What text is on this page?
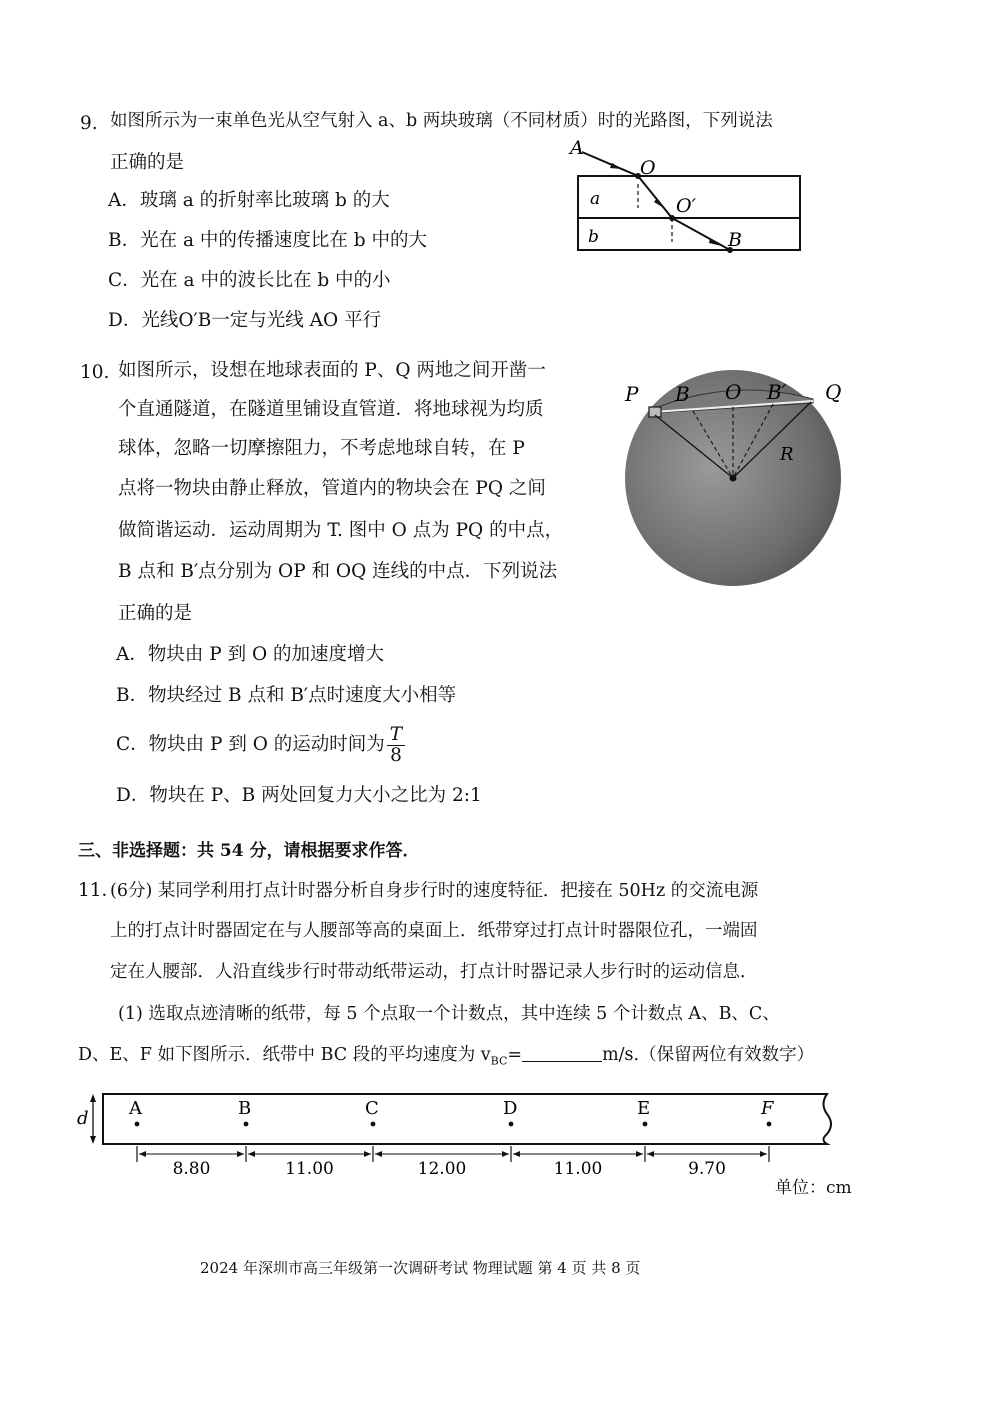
9. 如图所示为一束单色光从空气射入 a、b 两块玻璃（不同材质）时的光路图，下列说法
正确的是
A．玻璃 a 的折射率比玻璃 b 的大
B．光在 a 中的传播速度比在 b 中的大
C．光在 a 中的波长比在 b 中的小
D．光线O′B一定与光线 AO 平行
A
O
O′
B
a
b
10. 如图所示，设想在地球表面的 P、Q 两地之间开凿一
个直通隧道，在隧道里铺设直管道．将地球视为均质
球体，忽略一切摩擦阻力，不考虑地球自转，在 P
点将一物块由静止释放，管道内的物块会在 PQ 之间
做简谐运动．运动周期为 T. 图中 O 点为 PQ 的中点，
B 点和 B′点分别为 OP 和 OQ 连线的中点．下列说法
正确的是
A．物块由 P 到 O 的加速度增大
B．物块经过 B 点和 B′点时速度大小相等
C．物块由 P 到 O 的运动时间为 $\frac{T}{8}$
D．物块在 P、B 两处回复力大小之比为 2:1
P B O B′ Q
R
三、非选择题：共 54 分，请根据要求作答．
11．
(6分) 某同学利用打点计时器分析自身步行时的速度特征．把接在 50Hz 的交流电源
上的打点计时器固定在与人腰部等高的桌面上．纸带穿过打点计时器限位孔，一端固
定在人腰部．人沿直线步行时带动纸带运动，打点计时器记录人步行时的运动信息．
(1) 选取点迹清晰的纸带，每 5 个点取一个计数点，其中连续 5 个计数点 A、B、C、
D、E、F 如下图所示．纸带中 BC 段的平均速度为 $v_{BC}=$	m/s.（保留两位有效数字）
d A	B	C	D	E	F
8.80	11.00	12.00	11.00	9.70
单位：cm
2024 年深圳市高三年级第一次调研考试 物理试题 第 4 页 共 8 页
